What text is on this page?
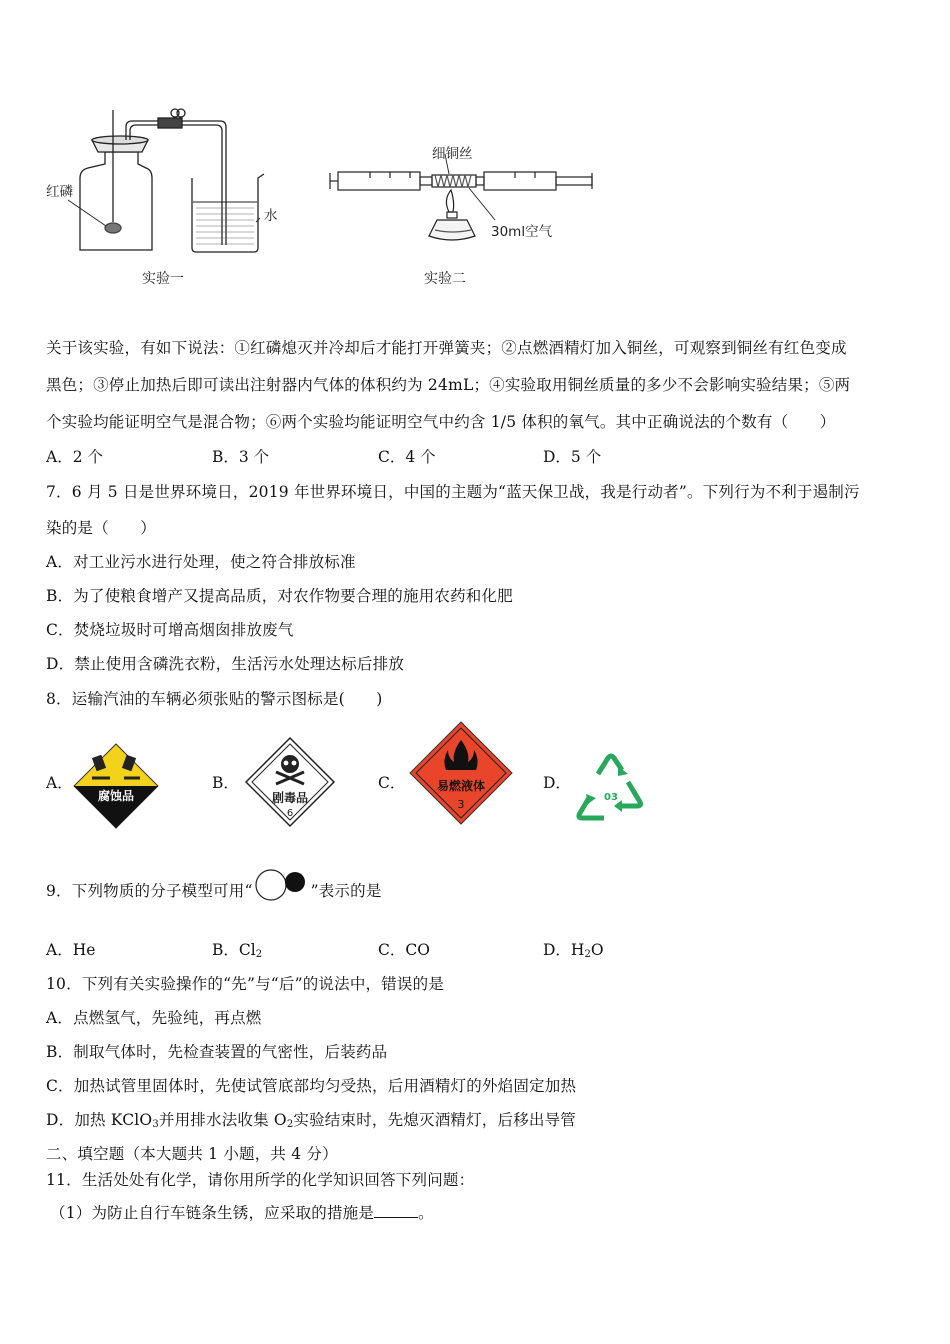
红磷
水
实验一
细铜丝
30ml空气
实验二
关于该实验，有如下说法：①红磷熄灭并冷却后才能打开弹簧夹；②点燃酒精灯加入铜丝，可观察到铜丝有红色变成
黑色；③停止加热后即可读出注射器内气体的体积约为 24mL；④实验取用铜丝质量的多少不会影响实验结果；⑤两
个实验均能证明空气是混合物；⑥两个实验均能证明空气中约含 1/5 体积的氧气。其中正确说法的个数有（　　）
A．2 个	B．3 个	C．4 个	D．5 个
7．6 月 5 日是世界环境日，2019 年世界环境日，中国的主题为“蓝天保卫战，我是行动者”。下列行为不利于遏制污
染的是（　　）
A．对工业污水进行处理，使之符合排放标准
B．为了使粮食增产又提高品质，对农作物要合理的施用农药和化肥
C．焚烧垃圾时可增高烟囱排放废气
D．禁止使用含磷洗衣粉，生活污水处理达标后排放
8．运输汽油的车辆必须张贴的警示图标是(　　)
A．
腐蚀品
B．
剧毒品
6
C．	易燃液体
3
D．
03
9．下列物质的分子模型可用“	”表示的是
A．He	B．$Cl_2$	C．CO	D．$H_2O$
10．下列有关实验操作的“先”与“后”的说法中，错误的是
A．点燃氢气，先验纯，再点燃
B．制取气体时，先检查装置的气密性，后装药品
C．加热试管里固体时，先使试管底部均匀受热，后用酒精灯的外焰固定加热
D．加热 KClO$_3$并用排水法收集 $O_2$实验结束时，先熄灭酒精灯，后移出导管
二、填空题（本大题共 1 小题，共 4 分）
11．生活处处有化学，请你用所学的化学知识回答下列问题：
（1）为防止自行车链条生锈，应采取的措施是	。
